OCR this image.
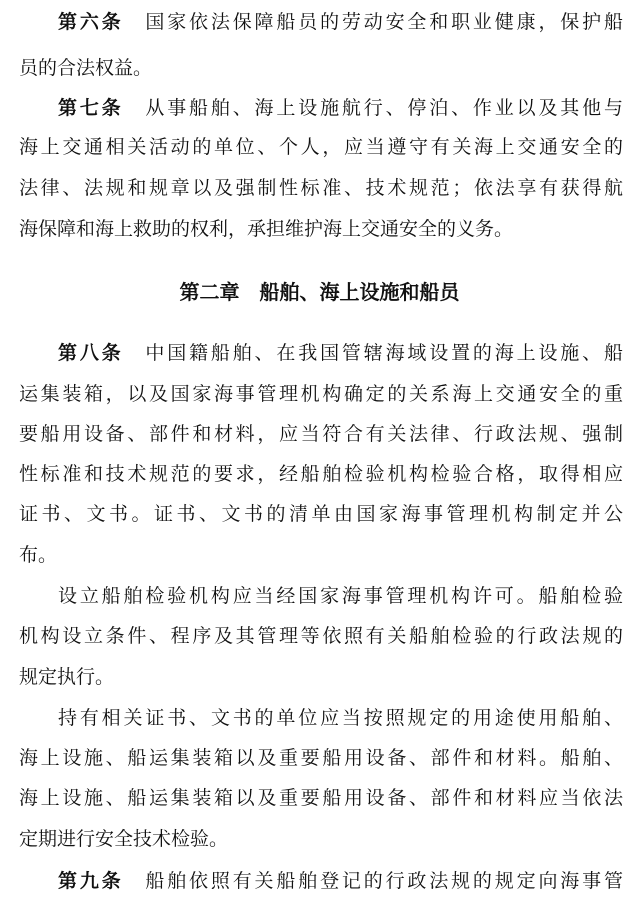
第六条　 国家依法保障船员的劳动安全和职业健康，保护船
员的合法权益。
第七条　 从事船舶、海上设施航行、停泊、作业以及其他与
海上交通相关活动的单位、个人，应当遵守有关海上交通安全的
法律、法规和规章以及强制性标准、技术规范；依法享有获得航
海保障和海上救助的权利，承担维护海上交通安全的义务。
第二章　船舶、海上设施和船员
第八条　 中国籍船舶、在我国管辖海域设置的海上设施、船
运集装箱，以及国家海事管理机构确定的关系海上交通安全的重
要船用设备、部件和材料，应当符合有关法律、行政法规、强制
性标准和技术规范的要求，经船舶检验机构检验合格，取得相应
证书、文书。证书、文书的清单由国家海事管理机构制定并公
布。
设立船舶检验机构应当经国家海事管理机构许可。船舶检验
机构设立条件、程序及其管理等依照有关船舶检验的行政法规的
规定执行。
持有相关证书、文书的单位应当按照规定的用途使用船舶、
海上设施、船运集装箱以及重要船用设备、部件和材料。船舶、
海上设施、船运集装箱以及重要船用设备、部件和材料应当依法
定期进行安全技术检验。
第九条　 船舶依照有关船舶登记的行政法规的规定向海事管
